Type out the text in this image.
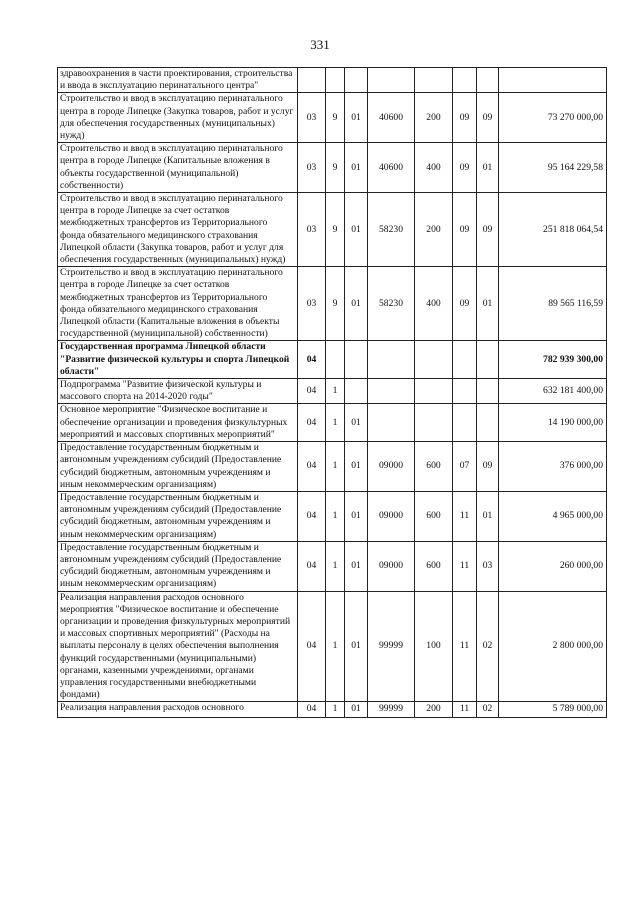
331
здравоохранения в части проектирования, строительства и ввода в эксплуатацию перинатального центра"								
Строительство и ввод в эксплуатацию перинатального центра в городе Липецке (Закупка товаров, работ и услуг для обеспечения государственных (муниципальных) нужд)	03	9	01	40600	200	09	09	73 270 000,00
Строительство и ввод в эксплуатацию перинатального центра в городе Липецке (Капитальные вложения в объекты государственной (муниципальной) собственности)	03	9	01	40600	400	09	01	95 164 229,58
Строительство и ввод в эксплуатацию перинатального центра в городе Липецке за счет остатков межбюджетных трансфертов из Территориального фонда обязательного медицинского страхования Липецкой области (Закупка товаров, работ и услуг для обеспечения государственных (муниципальных) нужд)	03	9	01	58230	200	09	09	251 818 064,54
Строительство и ввод в эксплуатацию перинатального центра в городе Липецке за счет остатков межбюджетных трансфертов из Территориального фонда обязательного медицинского страхования Липецкой области (Капитальные вложения в объекты государственной (муниципальной) собственности)	03	9	01	58230	400	09	01	89 565 116,59
Государственная программа Липецкой области "Развитие физической культуры и спорта Липецкой области"	04							782 939 300,00
Подпрограмма "Развитие физической культуры и массового спорта на 2014-2020 годы"	04	1						632 181 400,00
Основное мероприятие "Физическое воспитание и обеспечение организации и проведения физкультурных мероприятий и массовых спортивных мероприятий"	04	1	01					14 190 000,00
Предоставление государственным бюджетным и автономным учреждениям субсидий (Предоставление субсидий бюджетным, автономным учреждениям и иным некоммерческим организациям)	04	1	01	09000	600	07	09	376 000,00
Предоставление государственным бюджетным и автономным учреждениям субсидий (Предоставление субсидий бюджетным, автономным учреждениям и иным некоммерческим организациям)	04	1	01	09000	600	11	01	4 965 000,00
Предоставление государственным бюджетным и автономным учреждениям субсидий (Предоставление субсидий бюджетным, автономным учреждениям и иным некоммерческим организациям)	04	1	01	09000	600	11	03	260 000,00
Реализация направления расходов основного мероприятия "Физическое воспитание и обеспечение организации и проведения физкультурных мероприятий и массовых спортивных мероприятий" (Расходы на выплаты персоналу в целях обеспечения выполнения функций государственными (муниципальными) органами, казенными учреждениями, органами управления государственными внебюджетными фондами)	04	1	01	99999	100	11	02	2 800 000,00
Реализация направления расходов основного	04	1	01	99999	200	11	02	5 789 000,00
